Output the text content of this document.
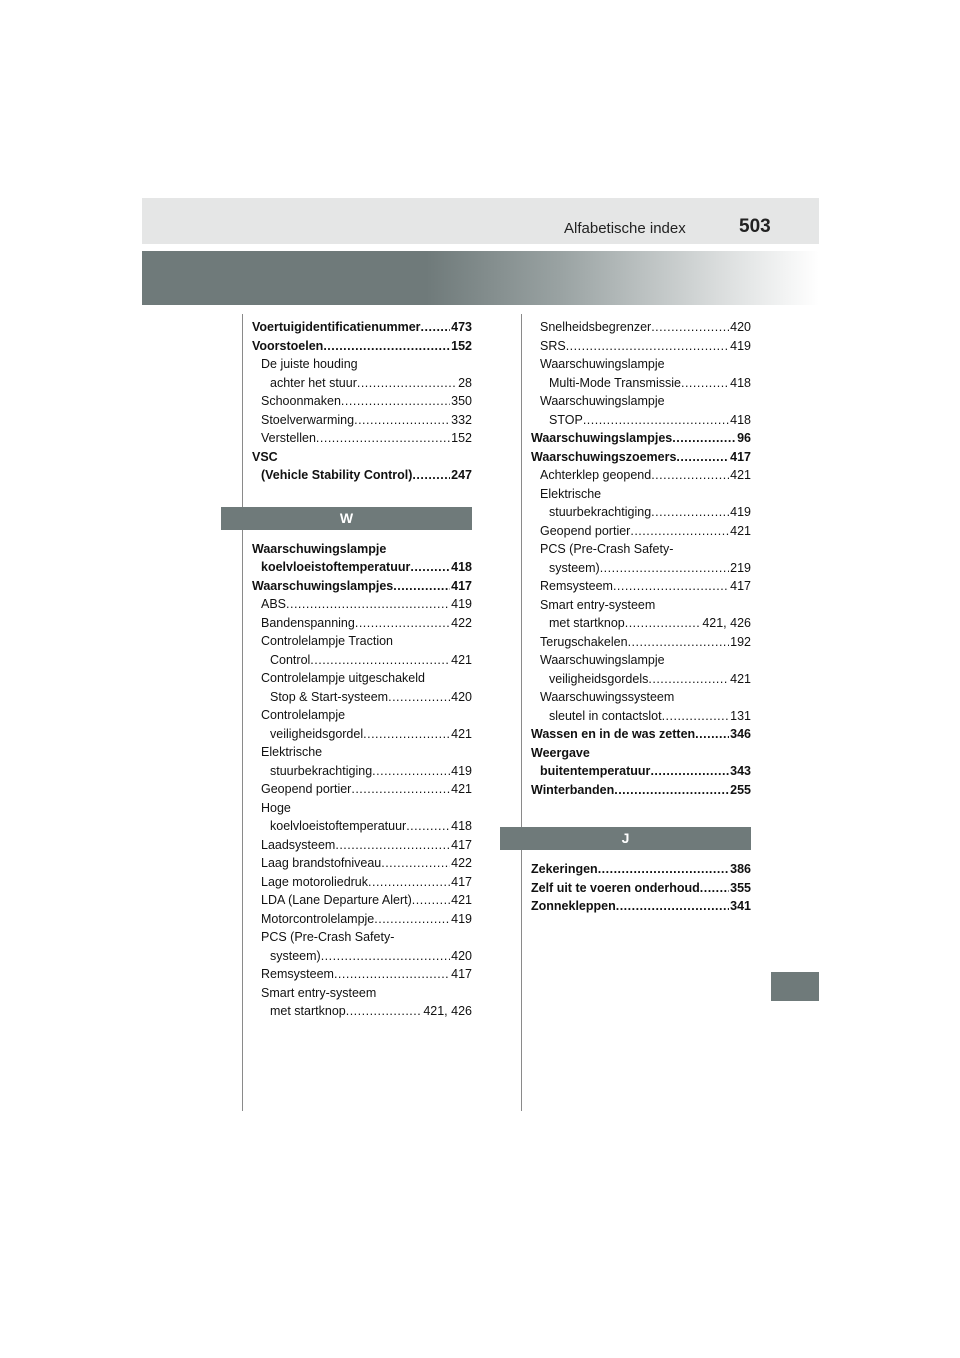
Alfabetische index	503
Voertuigidentificatienummer ..... 473
Voorstoelen .....	152
De juiste houding
achter het stuur .....	28
Schoonmaken .....	350
Stoelverwarming .....	332
Verstellen .....	152
VSC
(Vehicle Stability Control) .....	247
W
Waarschuwingslampje
koelvloeistoftemperatuur .....	418
Waarschuwingslampjes .....	417
ABS .....	419
Bandenspanning .....	422
Controlelampje Traction
Control .....	421
Controlelampje uitgeschakeld
Stop & Start-systeem .....	420
Controlelampje
veiligheidsgordel .....	421
Elektrische
stuurbekrachtiging .....	419
Geopend portier .....	421
Hoge
koelvloeistoftemperatuur .....	418
Laadsysteem .....	417
Laag brandstofniveau .....	422
Lage motoroliedruk .....	417
LDA (Lane Departure Alert) .....	421
Motorcontrolelampje .....	419
PCS (Pre-Crash Safety-
systeem) .....	420
Remsysteem .....	417
Smart entry-systeem
met startknop .....	421, 426
Snelheidsbegrenzer .....	420
SRS .....	419
Waarschuwingslampje
Multi-Mode Transmissie .....	418
Waarschuwingslampje
STOP .....	418
Waarschuwingslampjes .....	96
Waarschuwingszoemers .....	417
Achterklep geopend .....	421
Elektrische
stuurbekrachtiging .....	419
Geopend portier .....	421
PCS (Pre-Crash Safety-
systeem) .....	219
Remsysteem .....	417
Smart entry-systeem
met startknop .....	421, 426
Terugschakelen .....	192
Waarschuwingslampje
veiligheidsgordels .....	421
Waarschuwingssysteem
sleutel in contactslot .....	131
Wassen en in de was zetten .....	346
Weergave
buitentemperatuur .....	343
Winterbanden .....	255
J
Zekeringen .....	386
Zelf uit te voeren onderhoud ..... 355
Zonnekleppen .....	341
